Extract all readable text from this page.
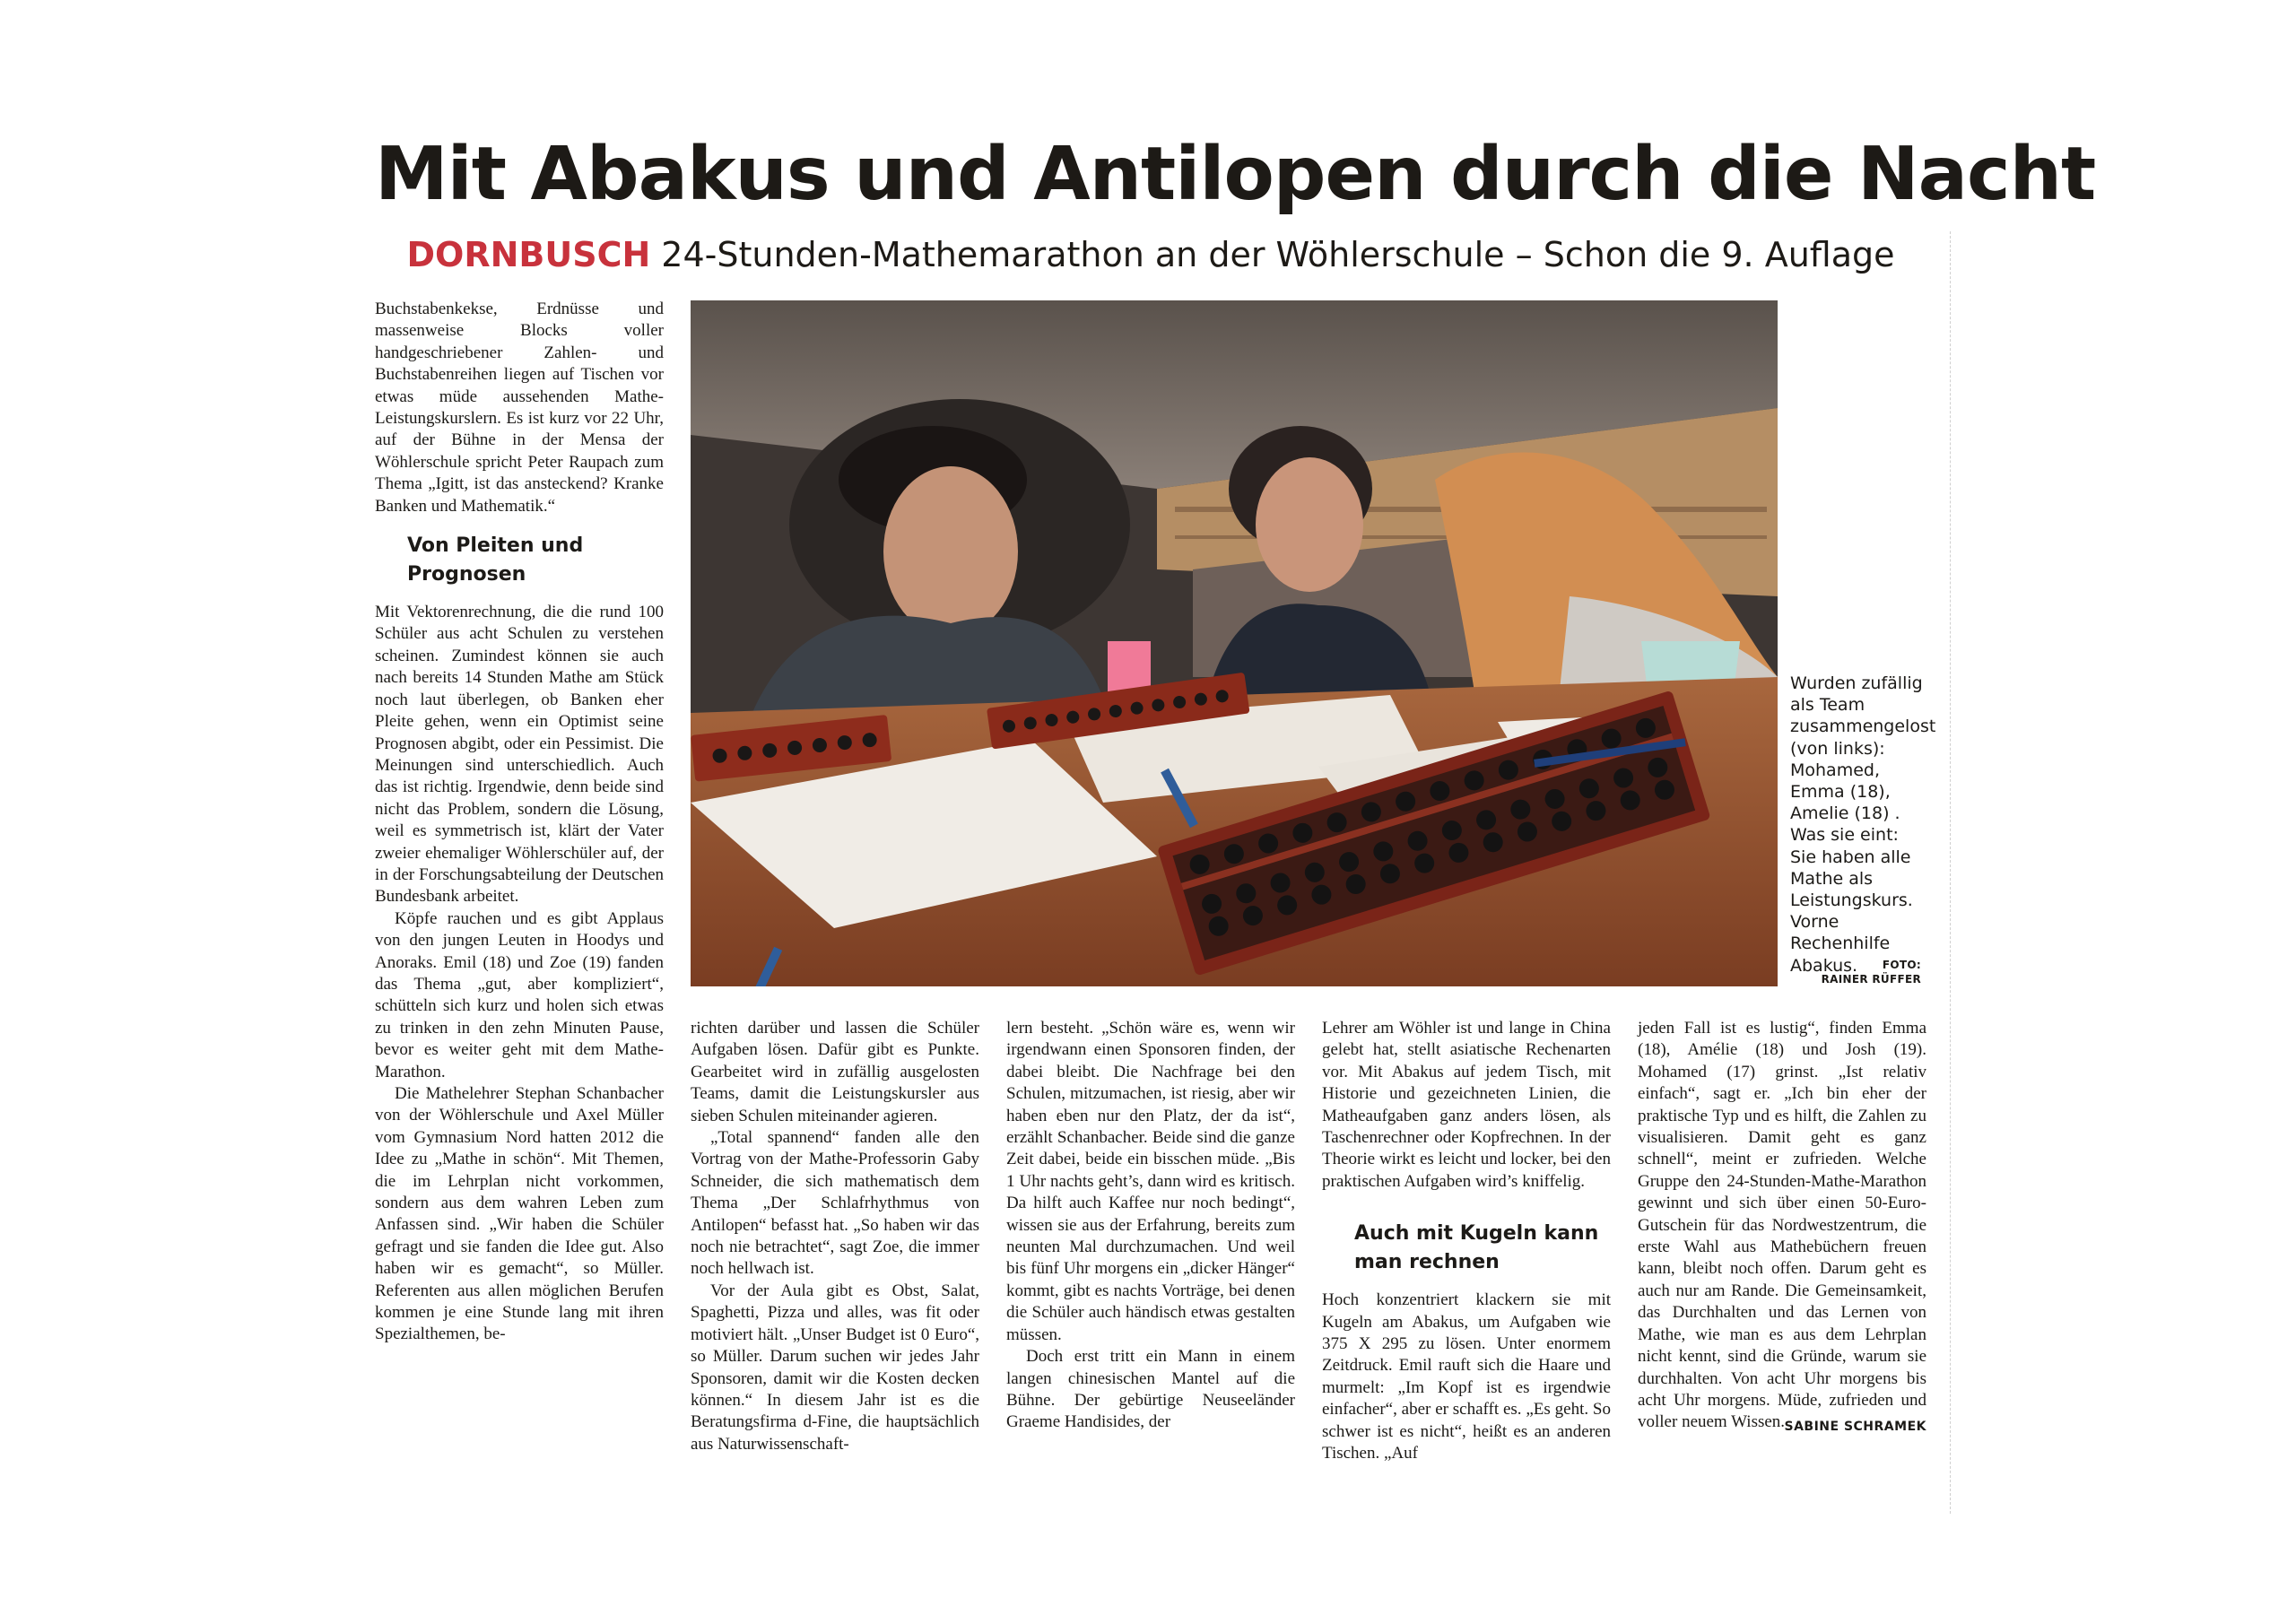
Mit Abakus und Antilopen durch die Nacht
DORNBUSCH 24-Stunden-Mathemarathon an der Wöhlerschule – Schon die 9. Auflage

Buchstabenkekse, Erdnüsse und massenweise Blocks voller handgeschriebener Zahlen- und Buchstabenreihen liegen auf Tischen vor etwas müde aussehenden Mathe-Leistungskurslern. Es ist kurz vor 22 Uhr, auf der Bühne in der Mensa der Wöhlerschule spricht Peter Raupach zum Thema „Igitt, ist das ansteckend? Kranke Banken und Mathematik.“

Von Pleiten und Prognosen

Mit Vektorenrechnung, die die rund 100 Schüler aus acht Schulen zu verstehen scheinen. Zumindest können sie auch nach bereits 14 Stunden Mathe am Stück noch laut überlegen, ob Banken eher Pleite gehen, wenn ein Optimist seine Prognosen abgibt, oder ein Pessimist. Die Meinungen sind unterschiedlich. Auch das ist richtig. Irgendwie, denn beide sind nicht das Problem, sondern die Lösung, weil es symmetrisch ist, klärt der Vater zweier ehemaliger Wöhlerschüler auf, der in der Forschungsabteilung der Deutschen Bundesbank arbeitet.

Köpfe rauchen und es gibt Applaus von den jungen Leuten in Hoodys und Anoraks. Emil (18) und Zoe (19) fanden das Thema „gut, aber kompliziert“, schütteln sich kurz und holen sich etwas zu trinken in den zehn Minuten Pause, bevor es weiter geht mit dem Mathe-Marathon.

Die Mathelehrer Stephan Schanbacher von der Wöhlerschule und Axel Müller vom Gymnasium Nord hatten 2012 die Idee zu „Mathe in schön“. Mit Themen, die im Lehrplan nicht vorkommen, sondern aus dem wahren Leben zum Anfassen sind. „Wir haben die Schüler gefragt und sie fanden die Idee gut. Also haben wir es gemacht“, so Müller. Referenten aus allen möglichen Berufen kommen je eine Stunde lang mit ihren Spezialthemen, be-

richten darüber und lassen die Schüler Aufgaben lösen. Dafür gibt es Punkte. Gearbeitet wird in zufällig ausgelosten Teams, damit die Leistungskursler aus sieben Schulen miteinander agieren.

„Total spannend“ fanden alle den Vortrag von der Mathe-Professorin Gaby Schneider, die sich mathematisch dem Thema „Der Schlafrhythmus von Antilopen“ befasst hat. „So haben wir das noch nie betrachtet“, sagt Zoe, die immer noch hellwach ist.

Vor der Aula gibt es Obst, Salat, Spaghetti, Pizza und alles, was fit oder motiviert hält. „Unser Budget ist 0 Euro“, so Müller. Darum suchen wir jedes Jahr Sponsoren, damit wir die Kosten decken können.“ In diesem Jahr ist es die Beratungsfirma d-Fine, die hauptsächlich aus Naturwissenschaft-

lern besteht. „Schön wäre es, wenn wir irgendwann einen Sponsoren finden, der dabei bleibt. Die Nachfrage bei den Schulen, mitzumachen, ist riesig, aber wir haben eben nur den Platz, der da ist“, erzählt Schanbacher. Beide sind die ganze Zeit dabei, beide ein bisschen müde. „Bis 1 Uhr nachts geht’s, dann wird es kritisch. Da hilft auch Kaffee nur noch bedingt“, wissen sie aus der Erfahrung, bereits zum neunten Mal durchzumachen. Und weil bis fünf Uhr morgens ein „dicker Hänger“ kommt, gibt es nachts Vorträge, bei denen die Schüler auch händisch etwas gestalten müssen.

Doch erst tritt ein Mann in einem langen chinesischen Mantel auf die Bühne. Der gebürtige Neuseeländer Graeme Handisides, der

Lehrer am Wöhler ist und lange in China gelebt hat, stellt asiatische Rechenarten vor. Mit Abakus auf jedem Tisch, mit Historie und gezeichneten Linien, die Matheaufgaben ganz anders lösen, als Taschenrechner oder Kopfrechnen. In der Theorie wirkt es leicht und locker, bei den praktischen Aufgaben wird’s kniffelig.

Auch mit Kugeln kann man rechnen

Hoch konzentriert klackern sie mit Kugeln am Abakus, um Aufgaben wie 375 X 295 zu lösen. Unter enormem Zeitdruck. Emil rauft sich die Haare und murmelt: „Im Kopf ist es irgendwie einfacher“, aber er schafft es. „Es geht. So schwer ist es nicht“, heißt es an anderen Tischen. „Auf

jeden Fall ist es lustig“, finden Emma (18), Amélie (18) und Josh (19). Mohamed (17) grinst. „Ist relativ einfach“, sagt er. „Ich bin eher der praktische Typ und es hilft, die Zahlen zu visualisieren. Damit geht es ganz schnell“, meint er zufrieden. Welche Gruppe den 24-Stunden-Mathe-Marathon gewinnt und sich über einen 50-Euro-Gutschein für das Nordwestzentrum, die erste Wahl aus Mathebüchern freuen kann, bleibt noch offen. Darum geht es auch nur am Rande. Die Gemeinsamkeit, das Durchhalten und das Lernen von Mathe, wie man es aus dem Lehrplan nicht kennt, sind die Gründe, warum sie durchhalten. Von acht Uhr morgens bis acht Uhr morgens. Müde, zufrieden und voller neuem Wissen. SABINE SCHRAMEK
Wurden zufällig als Team zusammengelost (von links): Mohamed, Emma (18), Amelie (18) . Was sie eint: Sie haben alle Mathe als Leistungskurs. Vorne Rechenhilfe Abakus.	FOTO:
RAINER RÜFFER
